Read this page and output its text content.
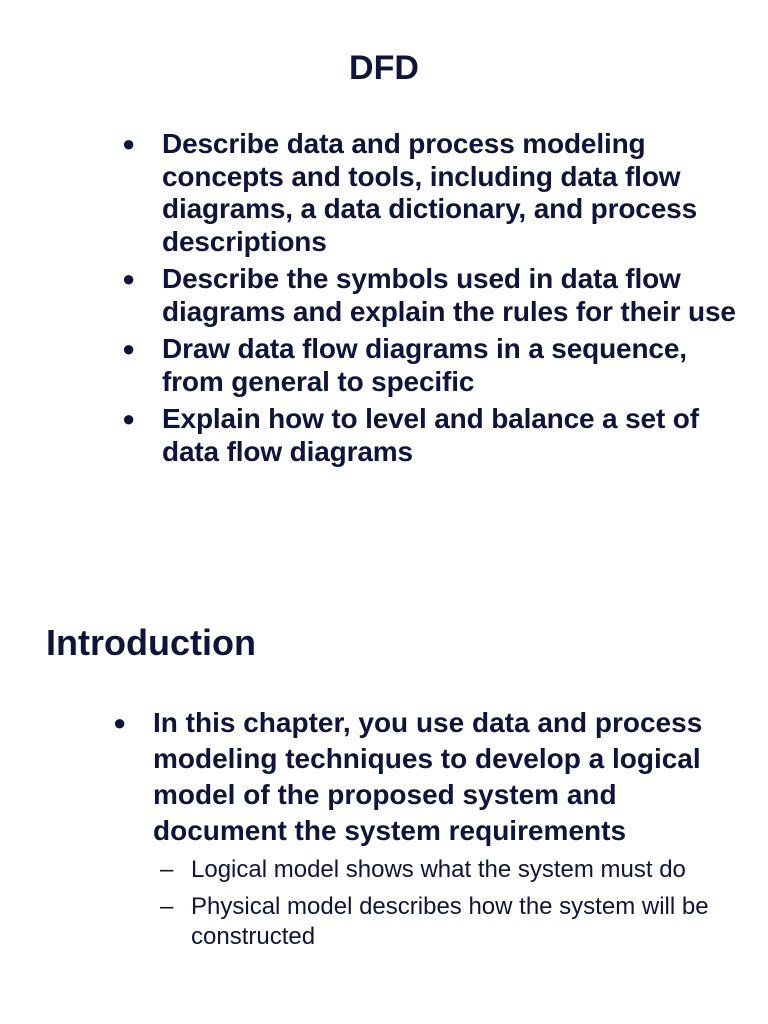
DFD
● Describe data and process modeling concepts and tools, including data flow diagrams, a data dictionary, and process descriptions
● Describe the symbols used in data flow diagrams and explain the rules for their use
● Draw data flow diagrams in a sequence, from general to specific
● Explain how to level and balance a set of data flow diagrams
Introduction
● In this chapter, you use data and process modeling techniques to develop a logical model of the proposed system and document the system requirements
– Logical model shows what the system must do
– Physical model describes how the system will be constructed
